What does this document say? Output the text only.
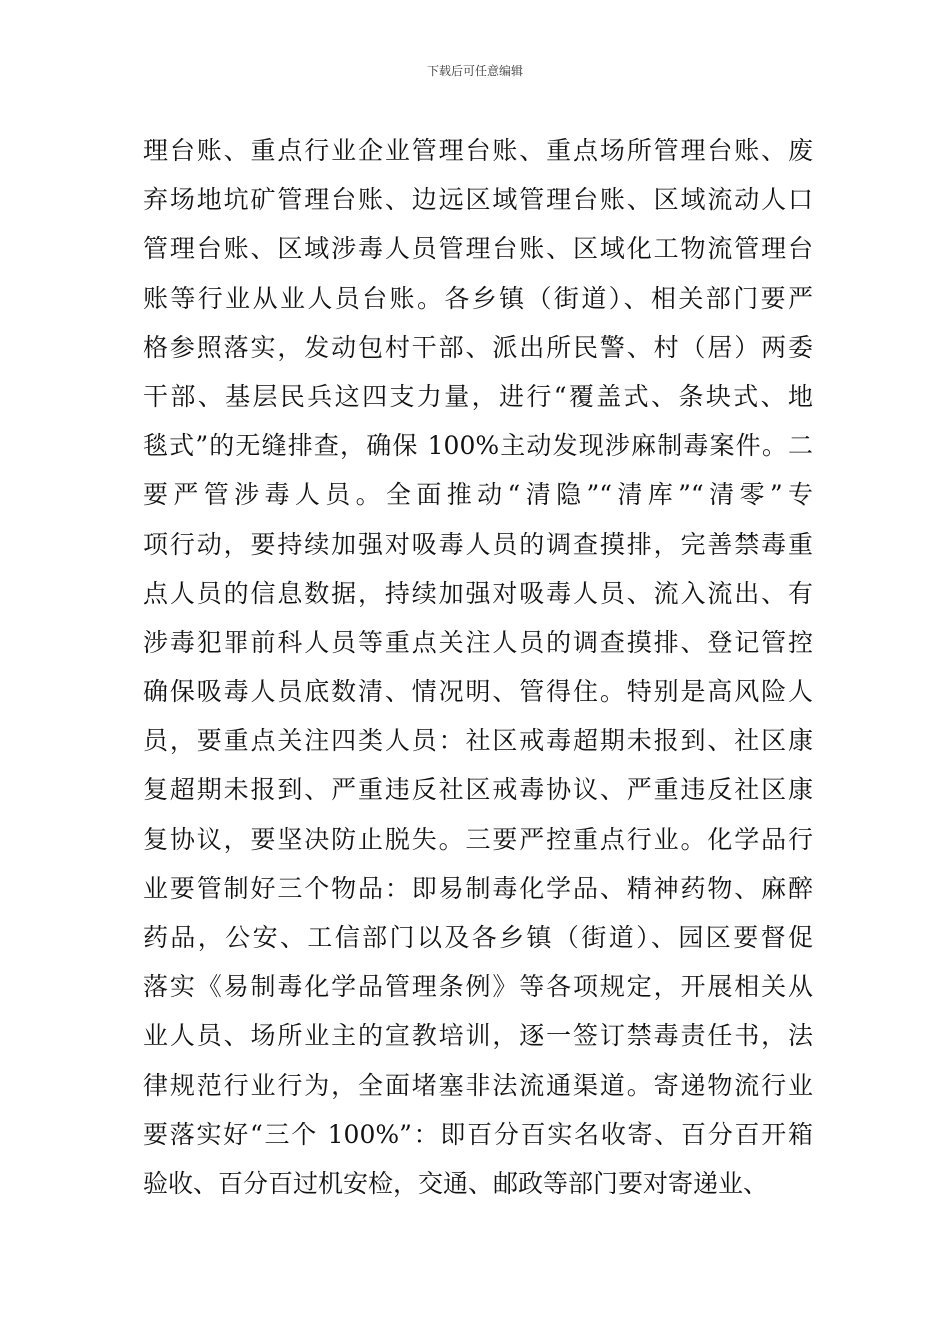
下载后可任意编辑
理台账、重点行业企业管理台账、重点场所管理台账、废
弃场地坑矿管理台账、边远区域管理台账、区域流动人口
管理台账、区域涉毒人员管理台账、区域化工物流管理台
账等行业从业人员台账。各乡镇（街道）、相关部门要严
格参照落实，发动包村干部、派出所民警、村（居）两委
干部、基层民兵这四支力量，进行“覆盖式、条块式、地
毯式”的无缝排查，确保 100%主动发现涉麻制毒案件。二
要严管涉毒人员。全面推动“清隐”“清库”“清零”专
项行动，要持续加强对吸毒人员的调查摸排，完善禁毒重
点人员的信息数据，持续加强对吸毒人员、流入流出、有
涉毒犯罪前科人员等重点关注人员的调查摸排、登记管控
确保吸毒人员底数清、情况明、管得住。特别是高风险人
员，要重点关注四类人员：社区戒毒超期未报到、社区康
复超期未报到、严重违反社区戒毒协议、严重违反社区康
复协议，要坚决防止脱失。三要严控重点行业。化学品行
业要管制好三个物品：即易制毒化学品、精神药物、麻醉
药品，公安、工信部门以及各乡镇（街道）、园区要督促
落实《易制毒化学品管理条例》等各项规定，开展相关从
业人员、场所业主的宣教培训，逐一签订禁毒责任书，法
律规范行业行为，全面堵塞非法流通渠道。寄递物流行业
要落实好“三个 100%”：即百分百实名收寄、百分百开箱
验收、百分百过机安检，交通、邮政等部门要对寄递业、
